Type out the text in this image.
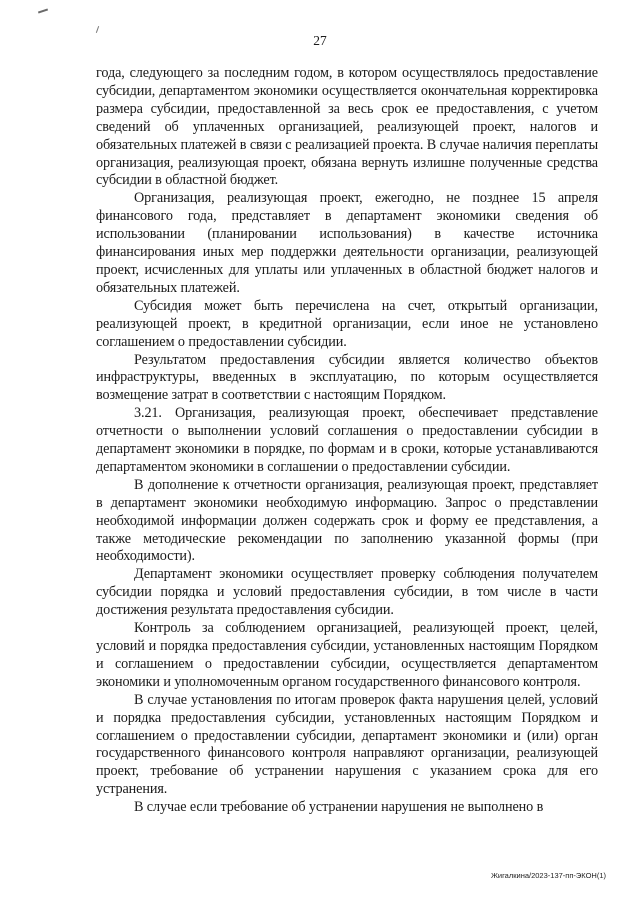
27

года, следующего за последним годом, в котором осуществлялось предоставление субсидии, департаментом экономики осуществляется окончательная корректировка размера субсидии, предоставленной за весь срок ее предоставления, с учетом сведений об уплаченных организацией, реализующей проект, налогов и обязательных платежей в связи с реализацией проекта. В случае наличия переплаты организация, реализующая проект, обязана вернуть излишне полученные средства субсидии в областной бюджет.

Организация, реализующая проект, ежегодно, не позднее 15 апреля финансового года, представляет в департамент экономики сведения об использовании (планировании использования) в качестве источника финансирования иных мер поддержки деятельности организации, реализующей проект, исчисленных для уплаты или уплаченных в областной бюджет налогов и обязательных платежей.

Субсидия может быть перечислена на счет, открытый организации, реализующей проект, в кредитной организации, если иное не установлено соглашением о предоставлении субсидии.

Результатом предоставления субсидии является количество объектов инфраструктуры, введенных в эксплуатацию, по которым осуществляется возмещение затрат в соответствии с настоящим Порядком.

3.21. Организация, реализующая проект, обеспечивает представление отчетности о выполнении условий соглашения о предоставлении субсидии в департамент экономики в порядке, по формам и в сроки, которые устанавливаются департаментом экономики в соглашении о предоставлении субсидии.

В дополнение к отчетности организация, реализующая проект, представляет в департамент экономики необходимую информацию. Запрос о представлении необходимой информации должен содержать срок и форму ее представления, а также методические рекомендации по заполнению указанной формы (при необходимости).

Департамент экономики осуществляет проверку соблюдения получателем субсидии порядка и условий предоставления субсидии, в том числе в части достижения результата предоставления субсидии.

Контроль за соблюдением организацией, реализующей проект, целей, условий и порядка предоставления субсидии, установленных настоящим Порядком и соглашением о предоставлении субсидии, осуществляется департаментом экономики и уполномоченным органом государственного финансового контроля.

В случае установления по итогам проверок факта нарушения целей, условий и порядка предоставления субсидии, установленных настоящим Порядком и соглашением о предоставлении субсидии, департамент экономики и (или) орган государственного финансового контроля направляют организации, реализующей проект, требование об устранении нарушения с указанием срока для его устранения.

В случае если требование об устранении нарушения не выполнено в

Жигалкина/2023-137-пп-ЭКОН(1)
